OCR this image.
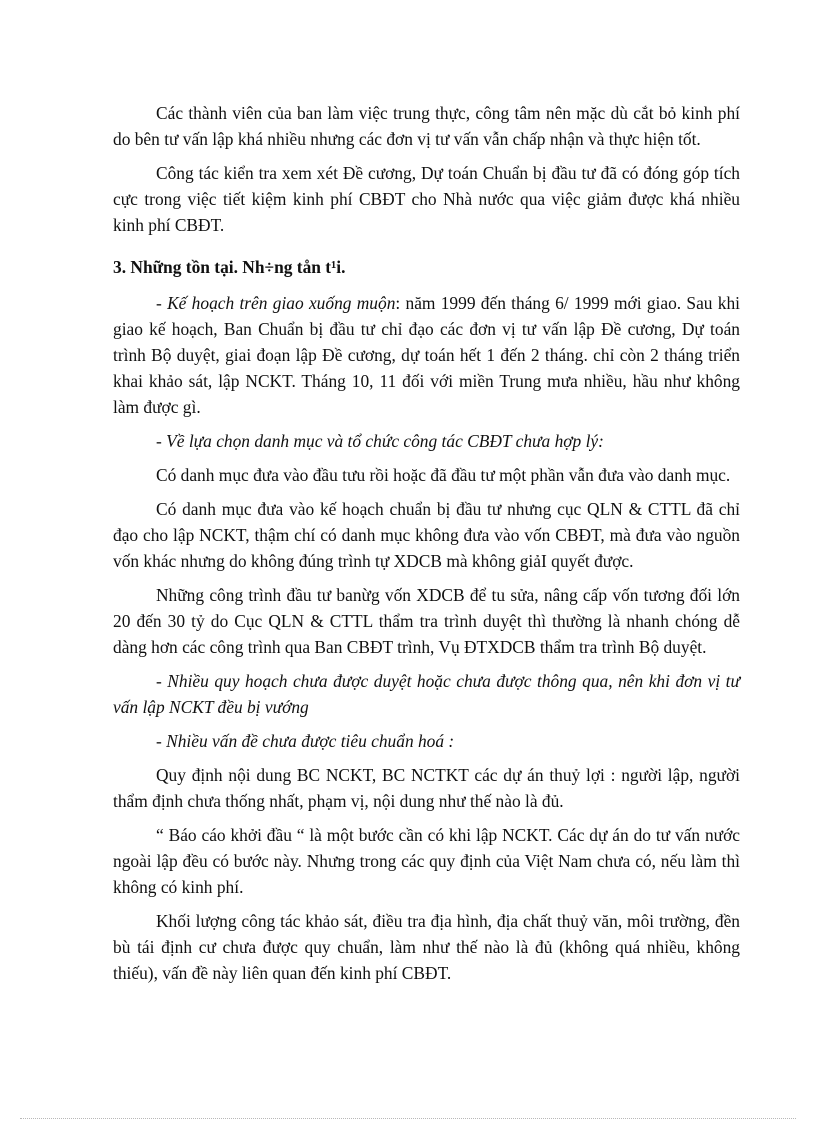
Các thành viên của ban làm việc trung thực, công tâm nên mặc dù cắt bỏ kinh phí do bên tư vấn lập khá nhiều nhưng các đơn vị tư vấn vẫn chấp nhận và thực hiện tốt.

Công tác kiển tra xem xét Đề cương, Dự toán Chuẩn bị đầu tư đã có đóng góp tích cực trong việc tiết kiệm kinh phí CBĐT cho Nhà nước qua việc giảm được khá nhiều kinh phí CBĐT.

3. Những tồn tại. Nh÷ng tån t¹i.

- Kế hoạch trên giao xuống muộn: năm 1999 đến tháng 6/ 1999 mới giao. Sau khi giao kế hoạch, Ban Chuẩn bị đầu tư chỉ đạo các đơn vị tư vấn lập Đề cương, Dự toán trình Bộ duyệt, giai đoạn lập Đề cương, dự toán hết 1 đến 2 tháng. chỉ còn 2 tháng triển khai khảo sát, lập NCKT. Tháng 10, 11 đối với miền Trung mưa nhiều, hầu như không làm được gì.

- Về lựa chọn danh mục và tổ chức công tác CBĐT chưa hợp lý:

Có danh mục đưa vào đầu tưu rồi hoặc đã đầu tư một phần vẫn đưa vào danh mục.

Có danh mục đưa vào kế hoạch chuẩn bị đầu tư nhưng cục QLN & CTTL đã chỉ đạo cho lập NCKT, thậm chí có danh mục không đưa vào vốn CBĐT, mà đưa vào nguồn vốn khác nhưng do không đúng trình tự XDCB mà không giảI quyết được.

Những công trình đầu tư banừg vốn XDCB để tu sửa, nâng cấp vốn tương đối lớn 20 đến 30 tỷ do Cục QLN & CTTL thẩm tra trình duyệt thì thường là nhanh chóng dễ dàng hơn các công trình qua Ban CBĐT trình, Vụ ĐTXDCB thẩm tra trình Bộ duyệt.

- Nhiều quy hoạch chưa được duyệt hoặc chưa được thông qua, nên khi đơn vị tư vấn lập NCKT đều bị vướng

- Nhiều vấn đề chưa được tiêu chuẩn hoá :

Quy định nội dung BC NCKT, BC NCTKT các dự án thuỷ lợi : người lập, người thẩm định chưa thống nhất, phạm vị, nội dung như thế nào là đủ.

“ Báo cáo khởi đầu “ là một bước cần có khi lập NCKT. Các dự án do tư vấn nước ngoài lập đều có bước này. Nhưng trong các quy định của Việt Nam chưa có, nếu làm thì không có kinh phí.

Khối lượng công tác khảo sát, điều tra địa hình, địa chất thuỷ văn, môi trường, đền bù tái định cư chưa được quy chuẩn, làm như thế nào là đủ (không quá nhiều, không thiếu), vấn đề này liên quan đến kinh phí CBĐT.
